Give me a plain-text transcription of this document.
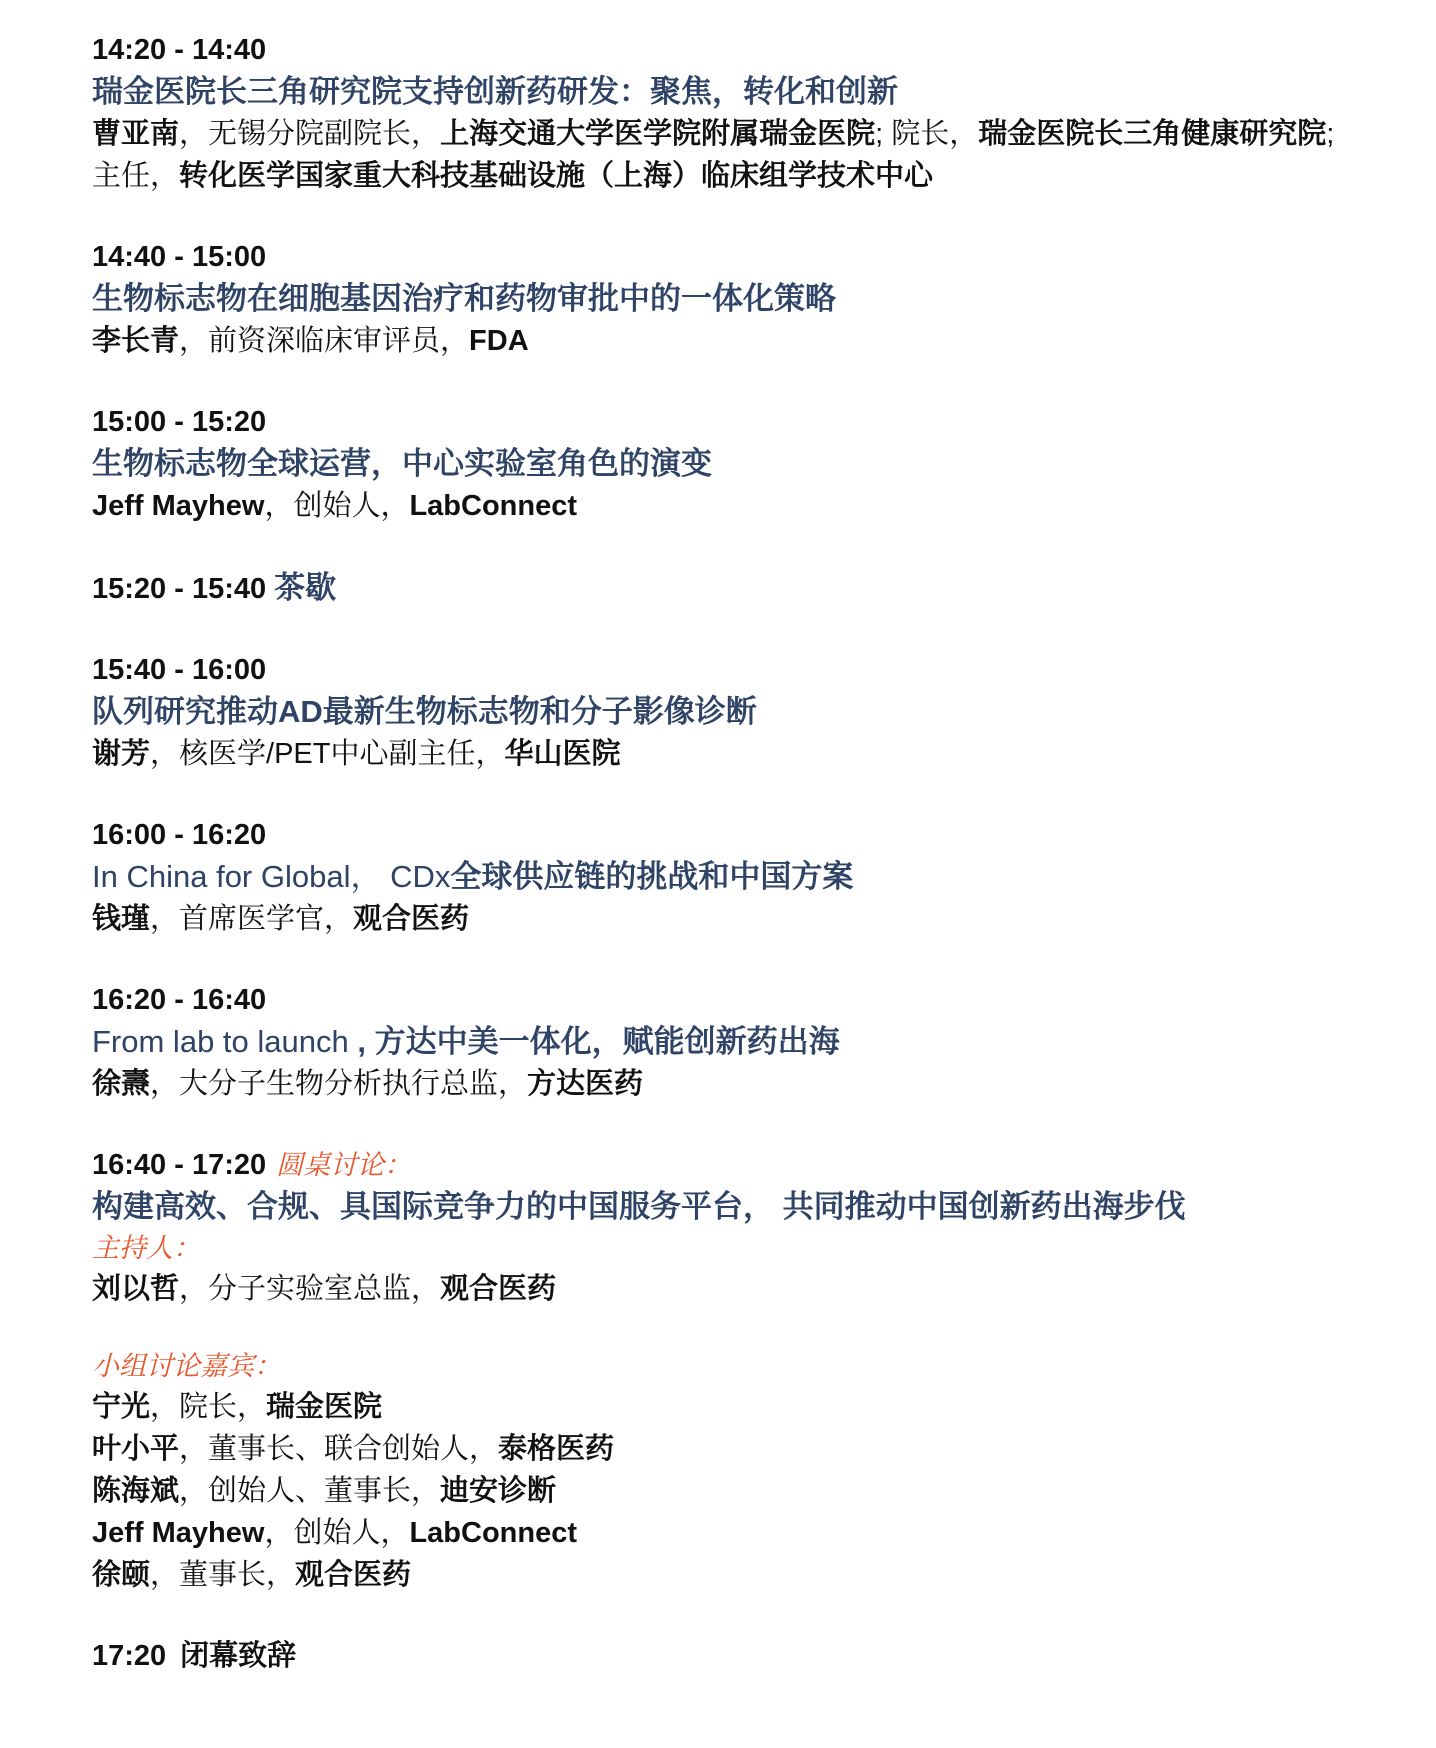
14:20 - 14:40
瑞金医院长三角研究院支持创新药研发：聚焦，转化和创新
曹亚南，无锡分院副院长，上海交通大学医学院附属瑞金医院; 院长，瑞金医院长三角健康研究院; 主任，转化医学国家重大科技基础设施（上海）临床组学技术中心
14:40 - 15:00
生物标志物在细胞基因治疗和药物审批中的一体化策略
李长青，前资深临床审评员，FDA
15:00 - 15:20
生物标志物全球运营，中心实验室角色的演变
Jeff Mayhew，创始人，LabConnect
15:20 - 15:40 茶歇
15:40 - 16:00
队列研究推动AD最新生物标志物和分子影像诊断
谢芳，核医学/PET中心副主任，华山医院
16:00 - 16:20
In China for Global， CDx全球供应链的挑战和中国方案
钱瑾，首席医学官，观合医药
16:20 - 16:40
From lab to launch , 方达中美一体化，赋能创新药出海
徐燾，大分子生物分析执行总监，方达医药
16:40 - 17:20 圆桌讨论：
构建高效、合规、具国际竞争力的中国服务平台， 共同推动中国创新药出海步伐
主持人：
刘以哲，分子实验室总监，观合医药
小组讨论嘉宾：
宁光，院长，瑞金医院
叶小平，董事长、联合创始人，泰格医药
陈海斌，创始人、董事长，迪安诊断
Jeff Mayhew，创始人，LabConnect
徐颐，董事长，观合医药
17:20 闭幕致辞
